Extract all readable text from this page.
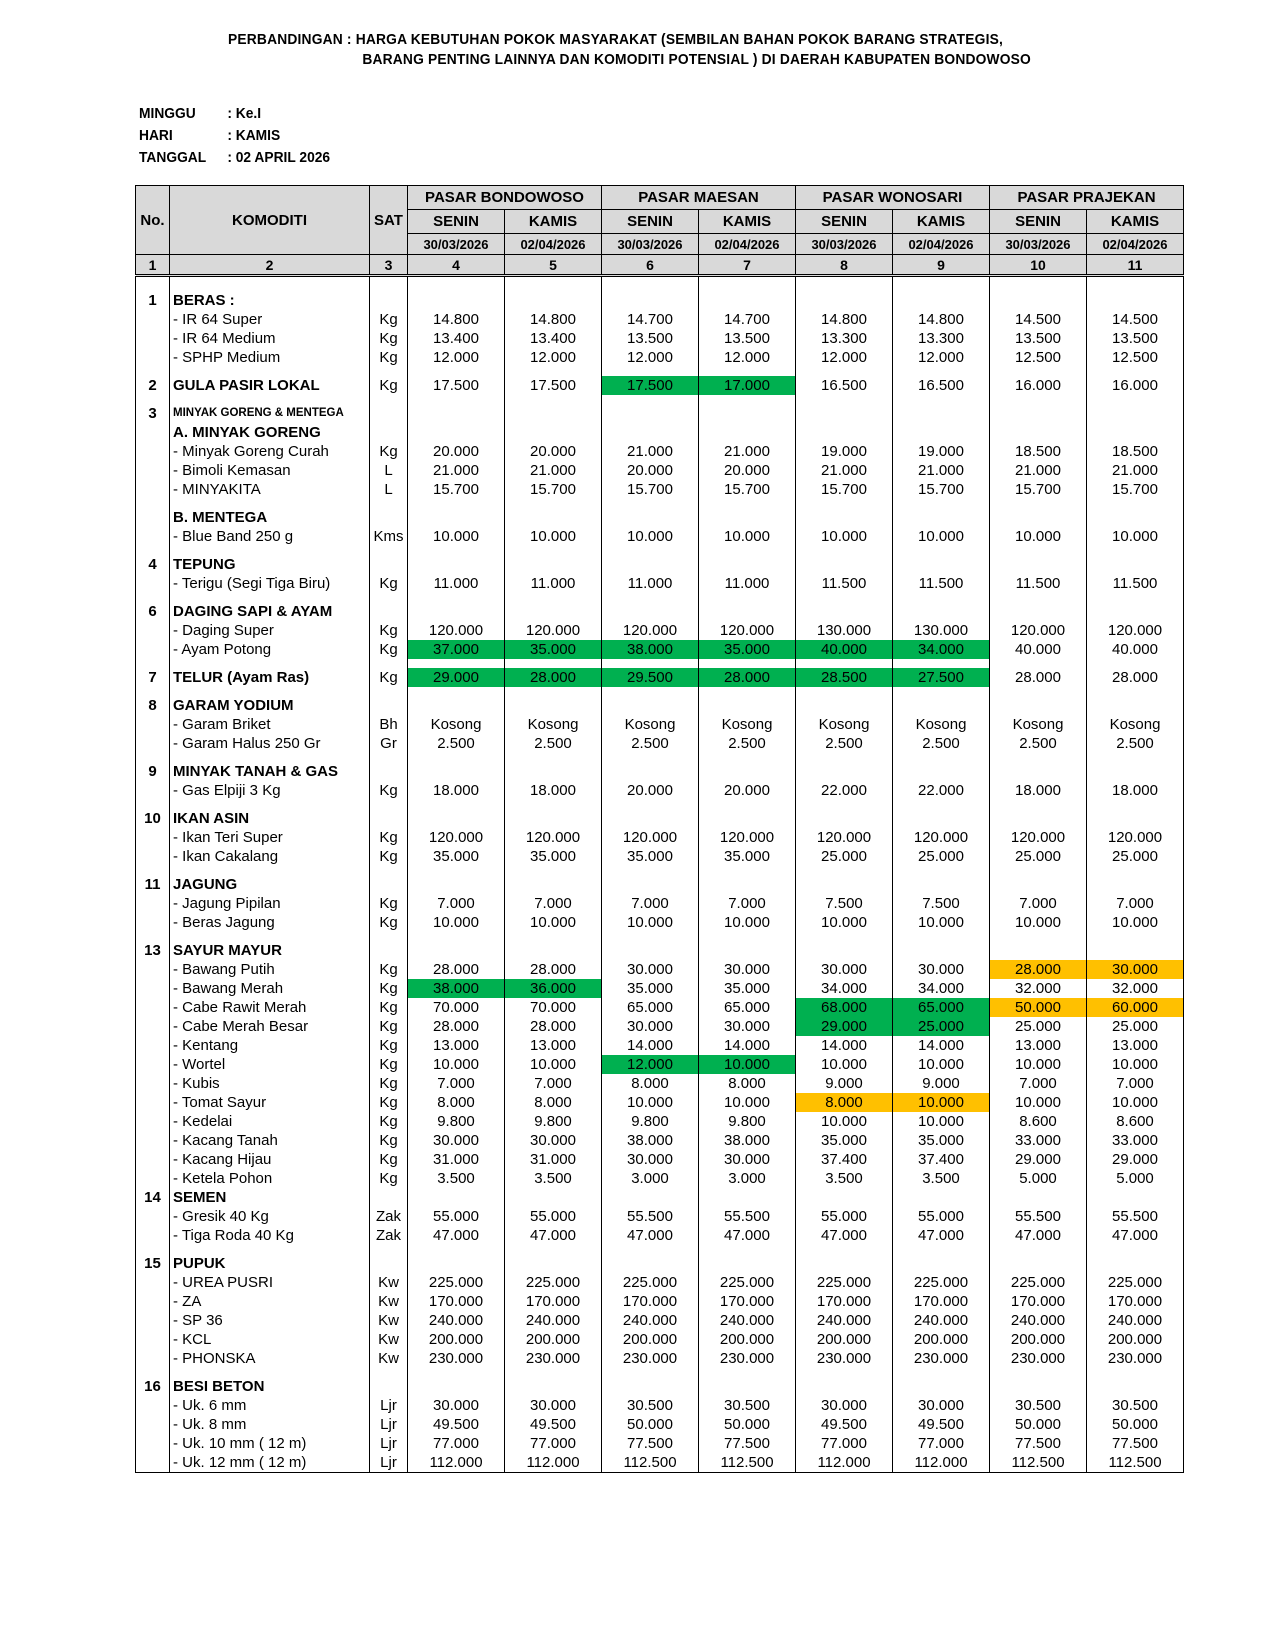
PERBANDINGAN : HARGA KEBUTUHAN POKOK MASYARAKAT (SEMBILAN BAHAN POKOK BARANG STRATEGIS,
BARANG PENTING LAINNYA DAN KOMODITI POTENSIAL ) DI DAERAH KABUPATEN BONDOWOSO
MINGGU : Ke.I
HARI	: KAMIS
TANGGAL : 02 APRIL 2026
No.	KOMODITI	SAT	PASAR BONDOWOSO		PASAR MAESAN		PASAR WONOSARI		PASAR PRAJEKAN	
			SENIN	KAMIS	SENIN	KAMIS	SENIN	KAMIS	SENIN	KAMIS
			30/03/2026	02/04/2026	30/03/2026	02/04/2026	30/03/2026	02/04/2026	30/03/2026	02/04/2026
1	2	3	4	5	6	7	8	9	10	11

1	BERAS :									
	- IR 64 Super	Kg	14.800	14.800	14.700	14.700	14.800	14.800	14.500	14.500
	- IR 64 Medium	Kg	13.400	13.400	13.500	13.500	13.300	13.300	13.500	13.500
	- SPHP Medium	Kg	12.000	12.000	12.000	12.000	12.000	12.000	12.500	12.500

2	GULA PASIR LOKAL	Kg	17.500	17.500	17.500	17.000	16.500	16.500	16.000	16.000

3	MINYAK GORENG & MENTEGA									
	A. MINYAK GORENG									
	- Minyak Goreng Curah	Kg	20.000	20.000	21.000	21.000	19.000	19.000	18.500	18.500
	- Bimoli Kemasan	L	21.000	21.000	20.000	20.000	21.000	21.000	21.000	21.000
	- MINYAKITA	L	15.700	15.700	15.700	15.700	15.700	15.700	15.700	15.700

	B. MENTEGA									
	- Blue Band 250 g	Kms	10.000	10.000	10.000	10.000	10.000	10.000	10.000	10.000

4	TEPUNG									
	- Terigu (Segi Tiga Biru)	Kg	11.000	11.000	11.000	11.000	11.500	11.500	11.500	11.500

6	DAGING SAPI & AYAM									
	- Daging Super	Kg	120.000	120.000	120.000	120.000	130.000	130.000	120.000	120.000
	- Ayam Potong	Kg	37.000	35.000	38.000	35.000	40.000	34.000	40.000	40.000

7	TELUR (Ayam Ras)	Kg	29.000	28.000	29.500	28.000	28.500	27.500	28.000	28.000

8	GARAM YODIUM									
	- Garam Briket	Bh	Kosong	Kosong	Kosong	Kosong	Kosong	Kosong	Kosong	Kosong
	- Garam Halus 250 Gr	Gr	2.500	2.500	2.500	2.500	2.500	2.500	2.500	2.500

9	MINYAK TANAH & GAS									
	- Gas Elpiji 3 Kg	Kg	18.000	18.000	20.000	20.000	22.000	22.000	18.000	18.000

10	IKAN ASIN									
	- Ikan Teri Super	Kg	120.000	120.000	120.000	120.000	120.000	120.000	120.000	120.000
	- Ikan Cakalang	Kg	35.000	35.000	35.000	35.000	25.000	25.000	25.000	25.000

11	JAGUNG									
	- Jagung Pipilan	Kg	7.000	7.000	7.000	7.000	7.500	7.500	7.000	7.000
	- Beras Jagung	Kg	10.000	10.000	10.000	10.000	10.000	10.000	10.000	10.000

13	SAYUR MAYUR									
	- Bawang Putih	Kg	28.000	28.000	30.000	30.000	30.000	30.000	28.000	30.000
	- Bawang Merah	Kg	38.000	36.000	35.000	35.000	34.000	34.000	32.000	32.000
	- Cabe Rawit Merah	Kg	70.000	70.000	65.000	65.000	68.000	65.000	50.000	60.000
	- Cabe Merah Besar	Kg	28.000	28.000	30.000	30.000	29.000	25.000	25.000	25.000
	- Kentang	Kg	13.000	13.000	14.000	14.000	14.000	14.000	13.000	13.000
	- Wortel	Kg	10.000	10.000	12.000	10.000	10.000	10.000	10.000	10.000
	- Kubis	Kg	7.000	7.000	8.000	8.000	9.000	9.000	7.000	7.000
	- Tomat Sayur	Kg	8.000	8.000	10.000	10.000	8.000	10.000	10.000	10.000
	- Kedelai	Kg	9.800	9.800	9.800	9.800	10.000	10.000	8.600	8.600
	- Kacang Tanah	Kg	30.000	30.000	38.000	38.000	35.000	35.000	33.000	33.000
	- Kacang Hijau	Kg	31.000	31.000	30.000	30.000	37.400	37.400	29.000	29.000
	- Ketela Pohon	Kg	3.500	3.500	3.000	3.000	3.500	3.500	5.000	5.000
14	SEMEN									
	- Gresik 40 Kg	Zak	55.000	55.000	55.500	55.500	55.000	55.000	55.500	55.500
	- Tiga Roda 40 Kg	Zak	47.000	47.000	47.000	47.000	47.000	47.000	47.000	47.000

15	PUPUK									
	- UREA PUSRI	Kw	225.000	225.000	225.000	225.000	225.000	225.000	225.000	225.000
	- ZA	Kw	170.000	170.000	170.000	170.000	170.000	170.000	170.000	170.000
	- SP 36	Kw	240.000	240.000	240.000	240.000	240.000	240.000	240.000	240.000
	- KCL	Kw	200.000	200.000	200.000	200.000	200.000	200.000	200.000	200.000
	- PHONSKA	Kw	230.000	230.000	230.000	230.000	230.000	230.000	230.000	230.000

16	BESI BETON									
	- Uk. 6 mm	Ljr	30.000	30.000	30.500	30.500	30.000	30.000	30.500	30.500
	- Uk. 8 mm	Ljr	49.500	49.500	50.000	50.000	49.500	49.500	50.000	50.000
	- Uk. 10 mm ( 12 m)	Ljr	77.000	77.000	77.500	77.500	77.000	77.000	77.500	77.500
	- Uk. 12 mm ( 12 m)	Ljr	112.000	112.000	112.500	112.500	112.000	112.000	112.500	112.500
